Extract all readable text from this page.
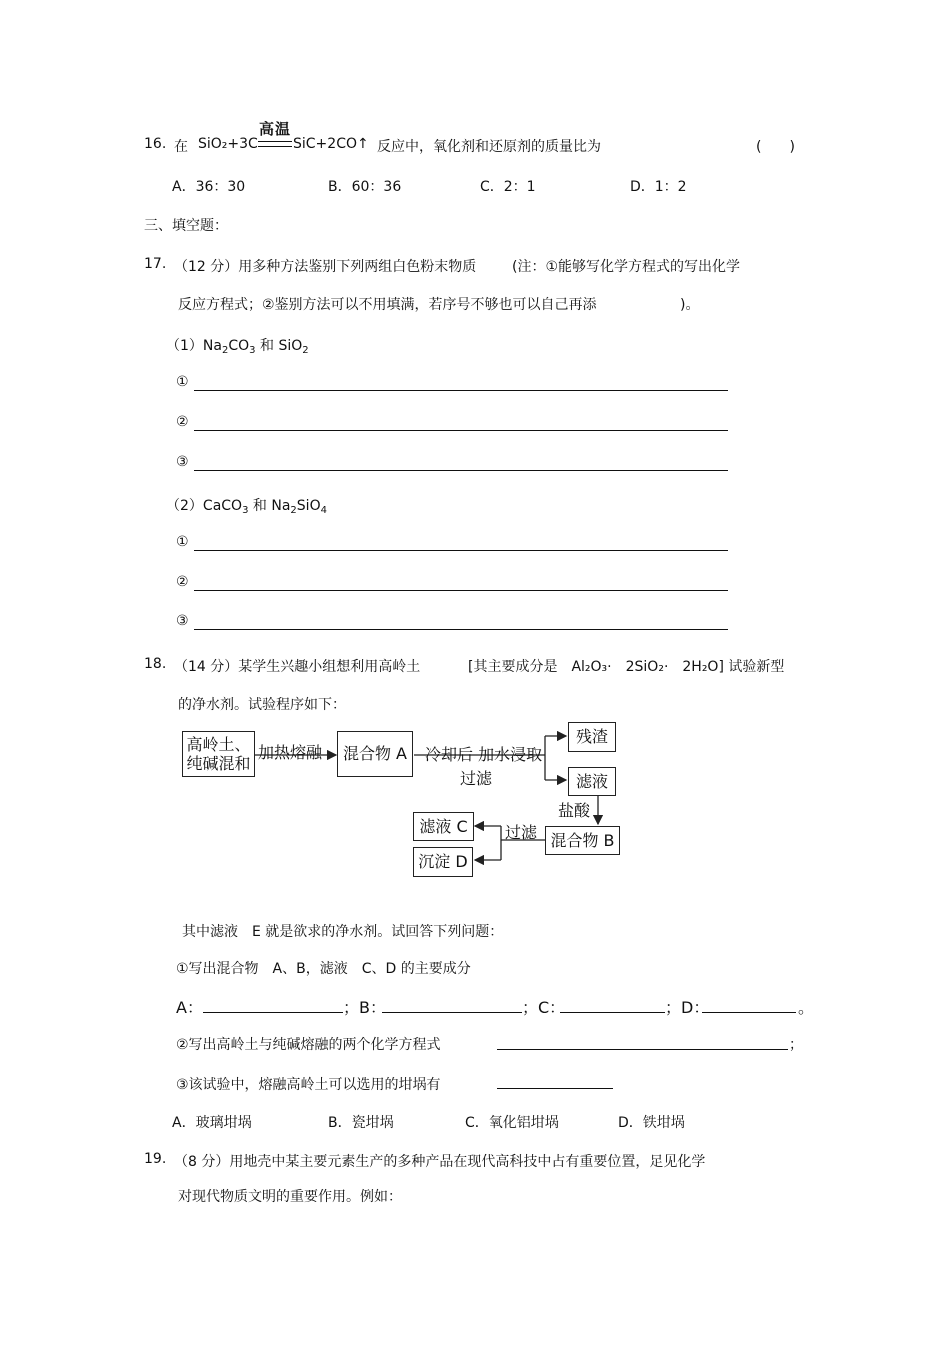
16. 在 SiO₂+3C
高温
SiC+2CO↑ 反应中，氧化剂和还原剂的质量比为	(　　)
A．36：30	B．60：36	C．2：1	D．1：2
三、填空题：
17. （12 分）用多种方法鉴别下列两组白色粉末物质	(注：①能够写化学方程式的写出化学
反应方程式；②鉴别方法可以不用填满，若序号不够也可以自己再添	)。
$(1)Na_2CO_3$ 和 SiO$_2$
①
②
③
（2）CaCO$_3$ 和 $Na_2SiO_4$
①
②
③
18. （14 分）某学生兴趣小组想利用高岭土	[其主要成分是　Al₂O₃·　2SiO₂·　2H₂O] 试验新型
的净水剂。试验程序如下：
高岭土、
纯碱混和
加热熔融	混合物 A	冷却后 加水浸取
过滤
残渣
滤液
盐酸
混合物 B
过滤
滤液 C
沉淀 D
其中滤液　E 就是欲求的净水剂。试回答下列问题：
①写出混合物　A、B，滤液　C、D 的主要成分
A：	；B：	；C：	；D：	。
②写出高岭土与纯碱熔融的两个化学方程式	；
③该试验中，熔融高岭土可以选用的坩埚有
A．玻璃坩埚	B．瓷坩埚	C．氧化铝坩埚	D．铁坩埚
19. （8 分）用地壳中某主要元素生产的多种产品在现代高科技中占有重要位置，足见化学
对现代物质文明的重要作用。例如：
